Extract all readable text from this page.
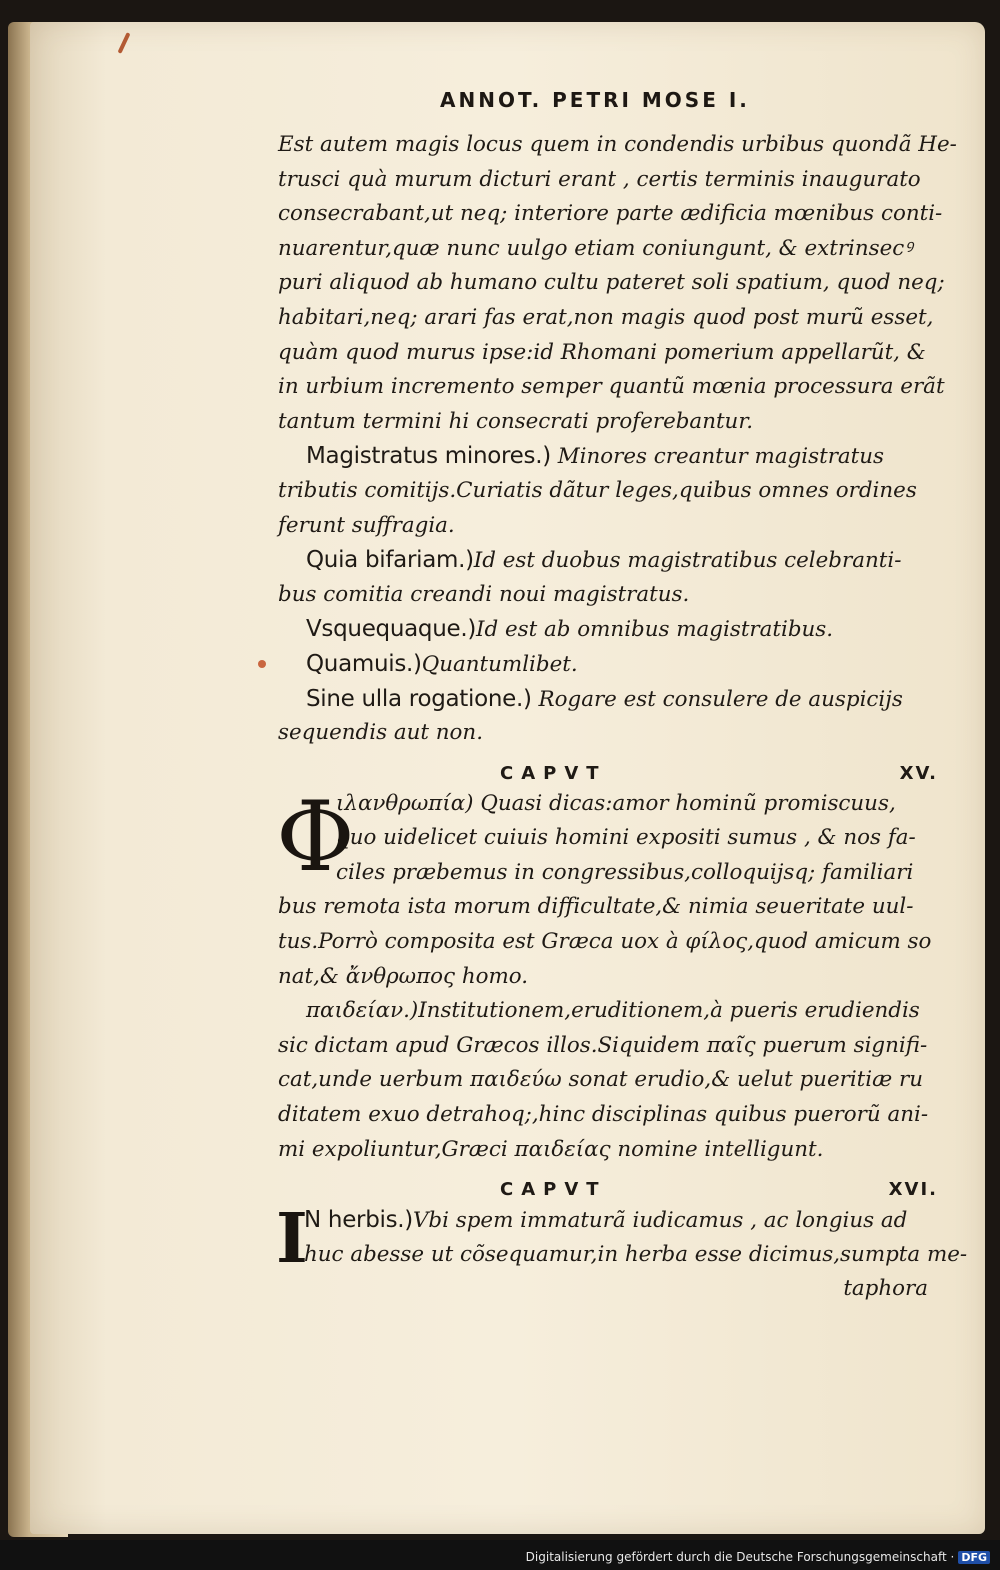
ANNOT. PETRI MOSE I.
Est autem magis locus quem in condendis urbibus quondã He-
trusci quà murum dicturi erant , certis terminis inaugurato
consecrabant,ut neq; interiore parte ædificia mœnibus conti-
nuarentur,quæ nunc uulgo etiam coniungunt, & extrinsecꝰ
puri aliquod ab humano cultu pateret soli spatium, quod neq;
habitari,neq; arari fas erat,non magis quod post murũ esset,
quàm quod murus ipse:id Rhomani pomerium appellarũt, &
in urbium incremento semper quantũ mœnia processura erãt
tantum termini hi consecrati proferebantur.
Magistratus minores.) Minores creantur magistratus
tributis comitijs.Curiatis dãtur leges,quibus omnes ordines
ferunt suffragia.
Quia bifariam.)Id est duobus magistratibus celebranti-
bus comitia creandi noui magistratus.
Vsquequaque.)Id est ab omnibus magistratibus.
Quamuis.)Quantumlibet.
Sine ulla rogatione.) Rogare est consulere de auspicijs
sequendis aut non.
CAPVT	XV.
Φ
ιλανθρωπία) Quasi dicas:amor hominũ promiscuus,
quo uidelicet cuiuis homini expositi sumus , & nos fa-
ciles præbemus in congressibus,colloquijsq; familiari
bus remota ista morum difficultate,& nimia seueritate uul-
tus.Porrò composita est Græca uox à φίλος,quod amicum so
nat,& ἄνθρωπος homo.
παιδείαν.)Institutionem,eruditionem,à pueris erudiendis
sic dictam apud Græcos illos.Siquidem παῖς puerum signifi-
cat,unde uerbum παιδεύω sonat erudio,& uelut pueritiæ ru
ditatem exuo detrahoq;,hinc disciplinas quibus puerorũ ani-
mi expoliuntur,Græci παιδείας nomine intelligunt.
CAPVT	XVI.
I
N herbis.)Vbi spem immaturã iudicamus , ac longius ad
huc abesse ut cõsequamur,in herba esse dicimus,sumpta me-
taphora
Digitalisierung gefördert durch die Deutsche Forschungsgemeinschaft · DFG
